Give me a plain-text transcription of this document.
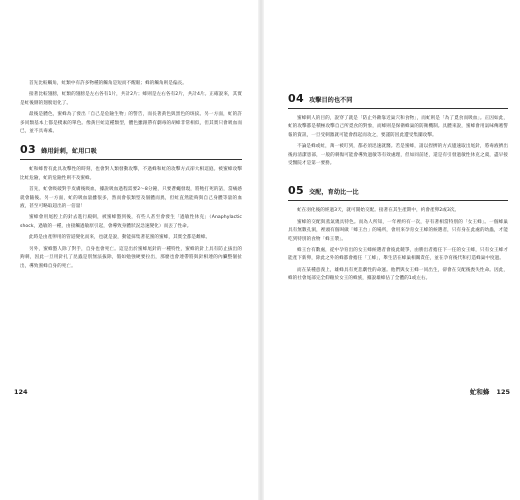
首先比較觸角，虻類中有許多物種的觸角是短而不醒眼；蜂的觸角則是偏長。

接著比較翅膀，虻類的翅膀是左右各有1片，共計2片；蜂則是左右各有2片，共計4片。正確說來，其實是虻後側的翅膀退化了。

最後是體色，蜜蜂為了發出「自己是危險生物」的警告，而長著黃色與黑色的斑紋。另一方面，虻的許多同類基本上都是樸素的單色。像黃巨虻這種類型，體色雖跟帶有劇毒的胡蜂非常相似，但其實只會吸血而已，並不具毒素。

03 蜂用針刺，虻用口吸

虻和蜂皆有此具攻擊性的時刻，也會對人類發動攻擊，不過蜂和虻的攻擊方式卻大相逕庭。被蜜蜂攻擊比虻危險，虻的危險性則不及蜜蜂。

首先，虻會吸破對手皮膚後吸血，據說吸血過程需要2～8分鐘，只要蒼蠅發現，將牠打死的話，當痛感就會隨後。另一方面，虻的吸血量雖很多，然而會依類型及個體而異，但虻直然能夠與自己身體等量的血液，甚至可略取超出的一倍量！

蜜蜂會用尾腔上的針去進行殿刺，被蜜蜂螫到後，有些人甚至會發生「過敏性休克」（Anaphylactic shock，過敏的一種，由接觸過敏原引起，會導致身體狀況急速變化）而丟了性命。

此時是由產卵用的管道變化而來，也就是說，動能採集著花蜜的蜜蜂，其實全都是雌蜂。

另外，蜜蜂螫人除了對手，自身也會死亡。這是出於蜜蜂尾針的一種特性，蜜蜂的針上具有防止拔出的鉤刺，因此一旦用針扎了昆蟲是別無法拔除，假如勉強硬要拉出，那麼也會連帶將與針相連的內臟整個扯出，導致蜜蜂自身的死亡。

124
04 攻擊目的也不同

蜜蜂刺人的目的，說穿了就是「防止外敵靠近巢穴和食物」，而虻則是「為了覓食而吸血」。正因如此，虻的攻擊都是積極攻擊自己所覓食的對象，而蜂則是保衛蜂巢的防衛機制。具體來說，蜜蜂會用氣味傳遞警報的資訊，一旦受刺激就可能會群起而攻之，要謹防因此遭受集團攻擊。

不論是蜂或虻，萬一被叮到，都必須迅速就醫。若是蜜蜂，請以捏擠的方式儘速取出尾針，將毒液擠出後再清潔患部，一般的刺傷可能會導致過敏等有效處理，但如同前述，還是有引發過敏性休克之虞，盡早接受醫院才是第一要務。

05 交配，育幼比一比

虻在羽化後的經過3天，就可開始交配。接著在其生產期中，約會產卵2或3次。

蜜蜂的交配與蒸氣幾具特色。而為人所知，一年裡約有一次，存有著相當特別的「女王蜂」。一個蜂巢具有無數孔洞，裡頭有個叫做「蜂王台」的場所，會用來孕育女王蜂的候選者，只有身在此處的幼蟲，才能吃到特別的食物「蜂王漿」。

蜂王台有數處，從中孕育出的女王蜂候選者會彼此競爭，由勝出者擔任下一任的女王蜂，只有女王蜂才能產下新卵，除此之外的蜂都會擔任「工蜂」，舉生活在蜂巢相關責任，並在孕育後代和打造蜂巢中度過。

而在某種意義上，雄蜂具有更悲劇性的命運。他們與女王蜂一同出生，卻會在交配後喪失性命。因此，蜂的社會尾部完全仰賴於女王的蜂族，據說雄蜂佔了全體的1或左右。

虻和蜂 125
